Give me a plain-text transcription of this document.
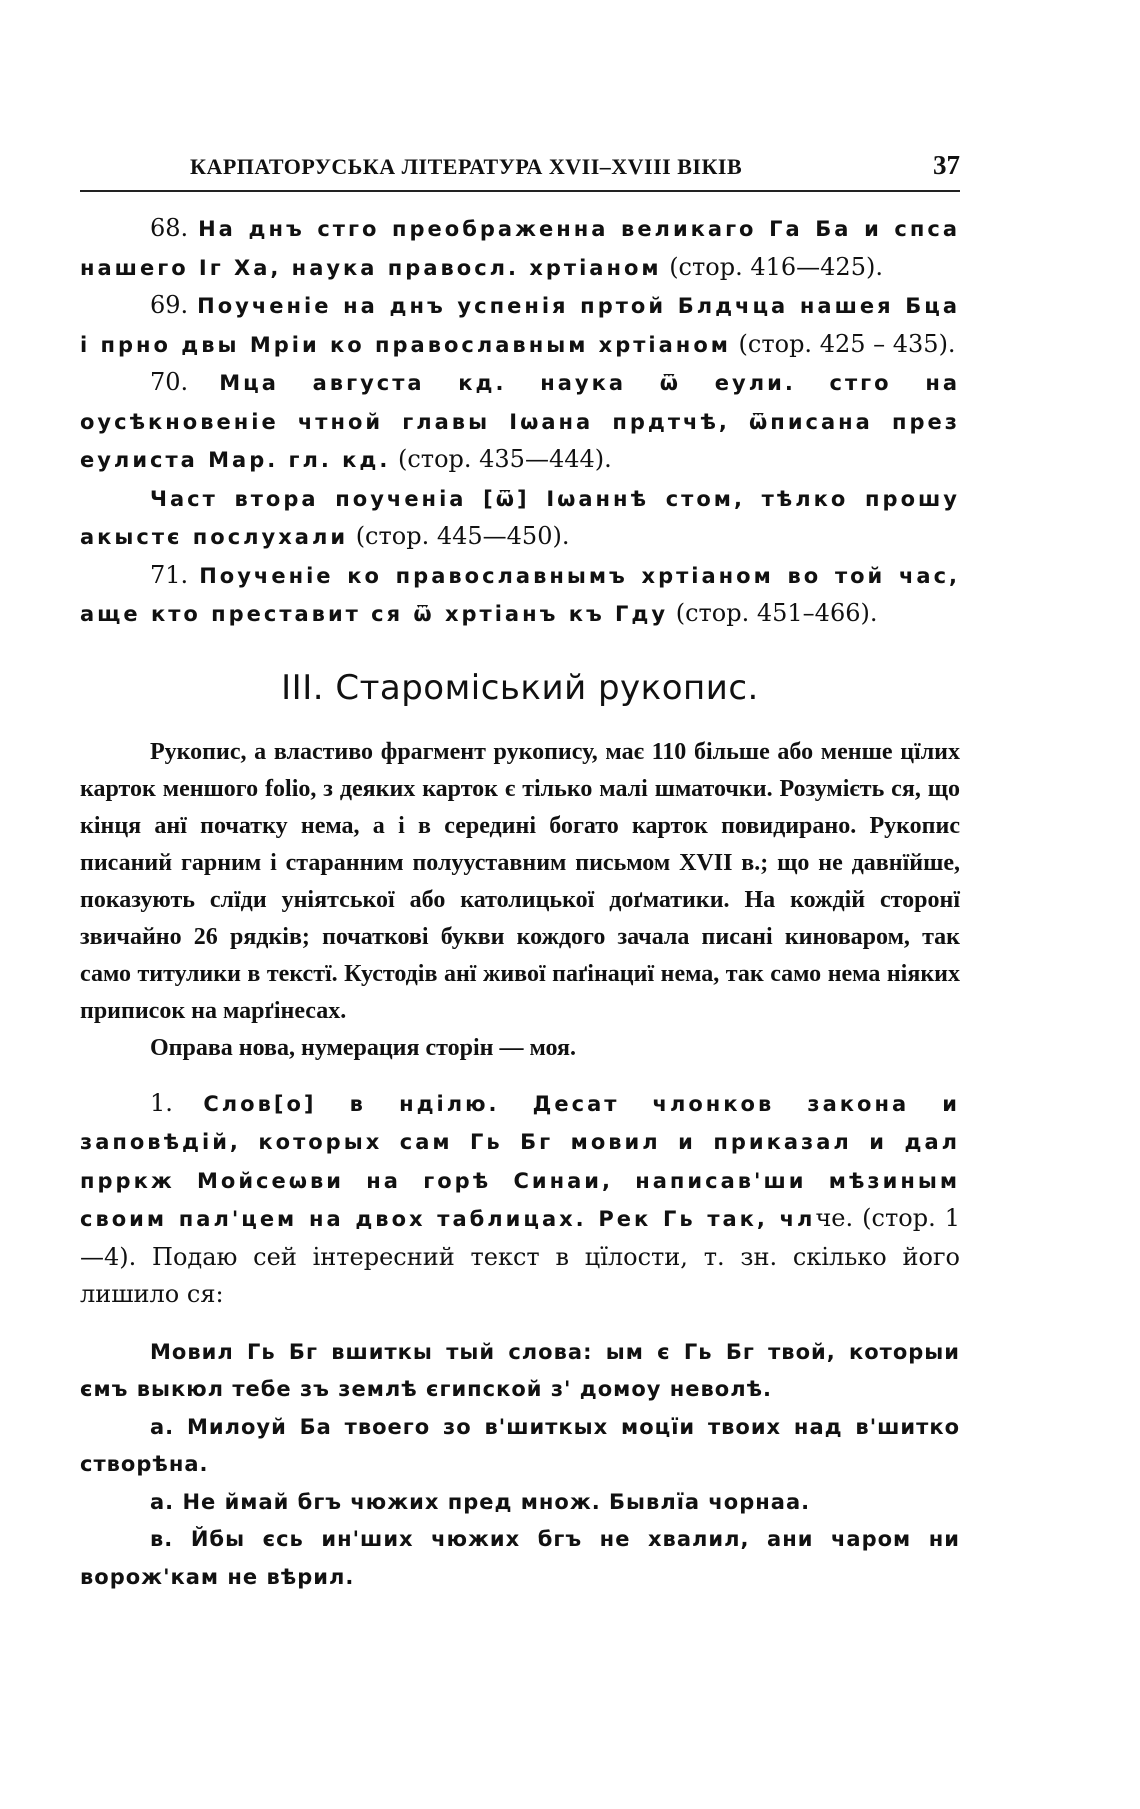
КАРПАТОРУСЬКА ЛІТЕРАТУРА XVII–XVIII ВІКІВ	37

68. На днъ стго преображенна великаго Га Ба и спса нашего Іг Ха, наука правосл. хртіаном (стор. 416—425).

69. Поученіе на днъ успенія пртой Блдчца нашея Бца і прно двы Мріи ко православным хртіаном (стор. 425 – 435).

70. Мца августа кд. наука ѿ еули. стго на оусѣкновеніе чтной главы Іѡана прдтчѣ, ѿписана през еулиста Мар. гл. кд. (стор. 435—444).

Част втора поученіа [ѿ] Іѡаннѣ стом, тѣлко прошу акыстє послухали (стор. 445—450).

71. Поученіе ко православнымъ хртіаном во той час, аще кто преставит ся ѿ хртіанъ къ Гду (стор. 451–466).

III. Староміський рукопис.

Рукопис, а властиво фрагмент рукопису, має 110 більше або менше цїлих карток меншого folio, з деяких карток є тілько малі шматочки. Розумієть ся, що кінця анї початку нема, а і в середині богато карток повидирано. Рукопис писаний гарним і старанним полууставним письмом XVII в.; що не давнїйше, показують слїди уніятської або католицької доґматики. На кождій сторонї звичайно 26 рядків; початкові букви кождого зачала писані киноваром, так само титулики в текстї. Кустодів анї живої паґінациї нема, так само нема ніяких приписок на марґінесах.

Оправа нова, нумерация сторін — моя.

1. Слов[о] в нділю. Десат члонков закона и заповѣдій, которых сам Гь Бг мовил и приказал и дал прркж Мойсеѡви на горѣ Синаи, написав'ши мѣзиным своим пал'цем на двох таблицах. Рек Гь так, члче. (стор. 1—4). Подаю сей інтересний текст в цїлости, т. зн. скілько його лишило ся:

Мовил Гь Бг вшиткы тый слова: ым є Гь Бг твой, которыи ємъ выкюл тебе зъ землѣ єгипской з' домоу неволѣ.

а. Милоуй Ба твоего зо в'шиткых моцїи твоих над в'шитко створѣна.

а. Не ймай бгъ чюжих пред множ. Бывлїа чорнаа.

в. Йбы єсь ин'ших чюжих бгъ не хвалил, ани чаром ни ворож'кам не вѣрил.
